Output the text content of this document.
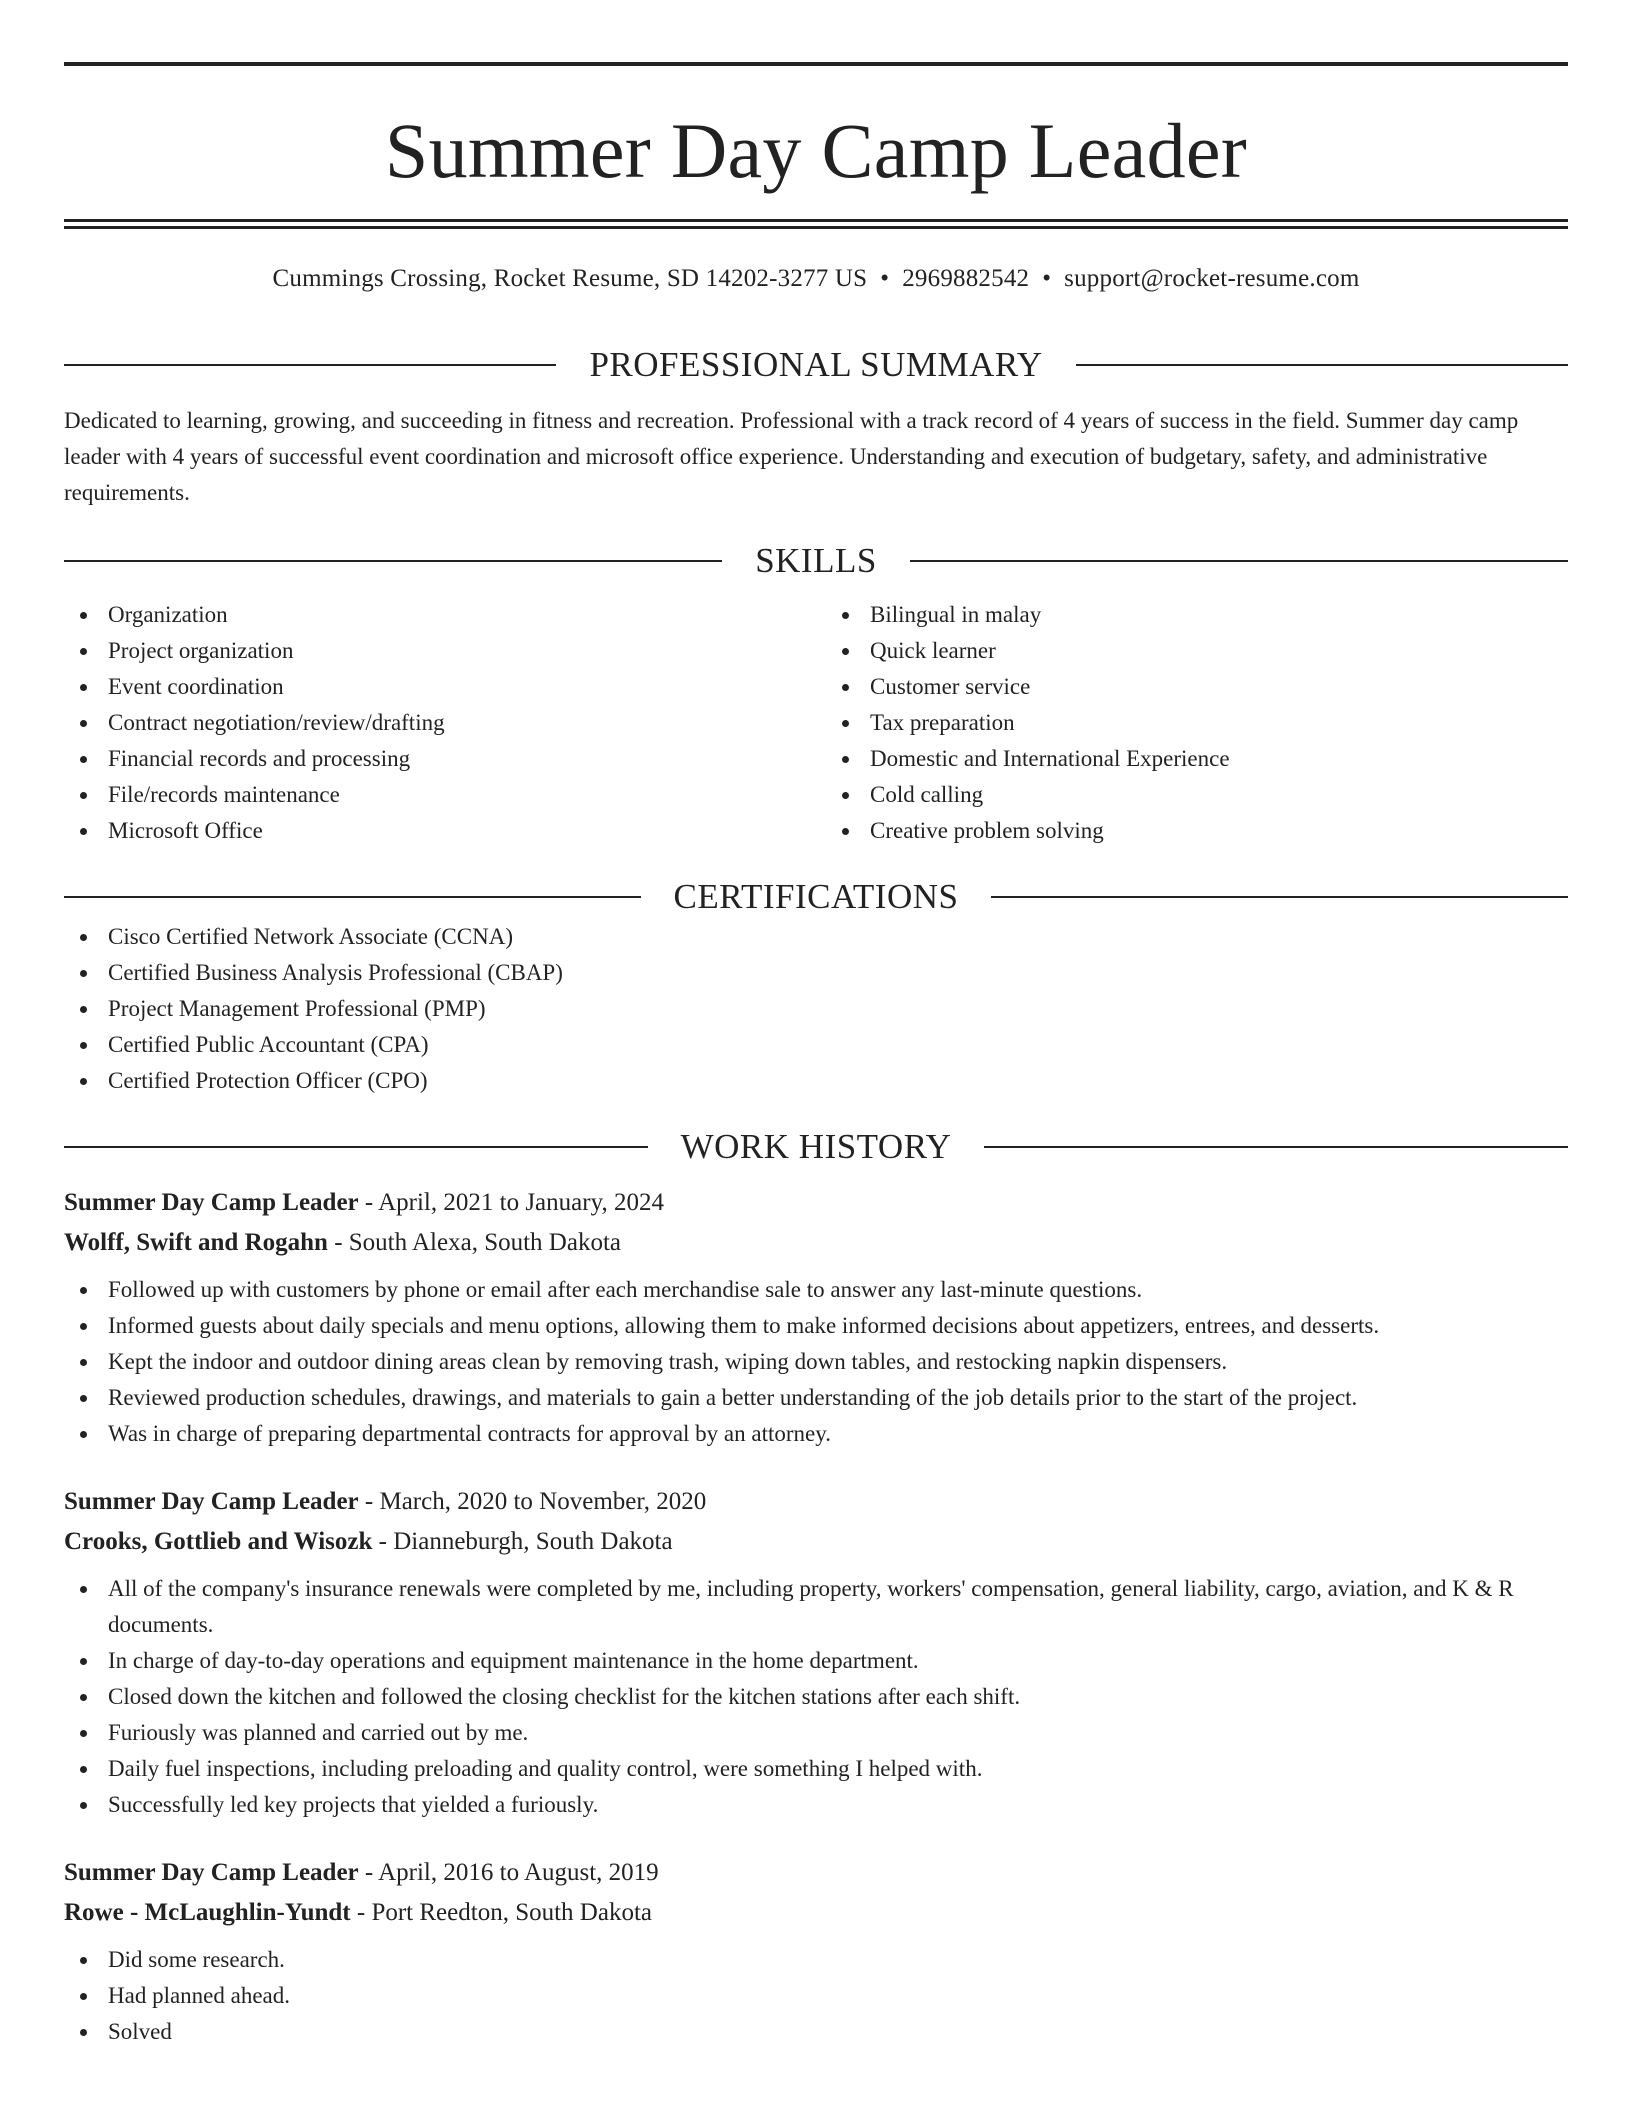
Summer Day Camp Leader
Cummings Crossing, Rocket Resume, SD 14202-3277 US • 2969882542 • support@rocket-resume.com
PROFESSIONAL SUMMARY

Dedicated to learning, growing, and succeeding in fitness and recreation. Professional with a track record of 4 years of success in the field. Summer day camp leader with 4 years of successful event coordination and microsoft office experience. Understanding and execution of budgetary, safety, and administrative requirements.

SKILLS
Organization
Project organization
Event coordination
Contract negotiation/review/drafting
Financial records and processing
File/records maintenance
Microsoft Office
Bilingual in malay
Quick learner
Customer service
Tax preparation
Domestic and International Experience
Cold calling
Creative problem solving
CERTIFICATIONS
Cisco Certified Network Associate (CCNA)
Certified Business Analysis Professional (CBAP)
Project Management Professional (PMP)
Certified Public Accountant (CPA)
Certified Protection Officer (CPO)
WORK HISTORY
Summer Day Camp Leader - April, 2021 to January, 2024
Wolff, Swift and Rogahn - South Alexa, South Dakota
Followed up with customers by phone or email after each merchandise sale to answer any last-minute questions.
Informed guests about daily specials and menu options, allowing them to make informed decisions about appetizers, entrees, and desserts.
Kept the indoor and outdoor dining areas clean by removing trash, wiping down tables, and restocking napkin dispensers.
Reviewed production schedules, drawings, and materials to gain a better understanding of the job details prior to the start of the project.
Was in charge of preparing departmental contracts for approval by an attorney.
Summer Day Camp Leader - March, 2020 to November, 2020
Crooks, Gottlieb and Wisozk - Dianneburgh, South Dakota
All of the company's insurance renewals were completed by me, including property, workers' compensation, general liability, cargo, aviation, and K & R documents.
In charge of day-to-day operations and equipment maintenance in the home department.
Closed down the kitchen and followed the closing checklist for the kitchen stations after each shift.
Furiously was planned and carried out by me.
Daily fuel inspections, including preloading and quality control, were something I helped with.
Successfully led key projects that yielded a furiously.
Summer Day Camp Leader - April, 2016 to August, 2019
Rowe - McLaughlin-Yundt - Port Reedton, South Dakota
Did some research.
Had planned ahead.
Solved
